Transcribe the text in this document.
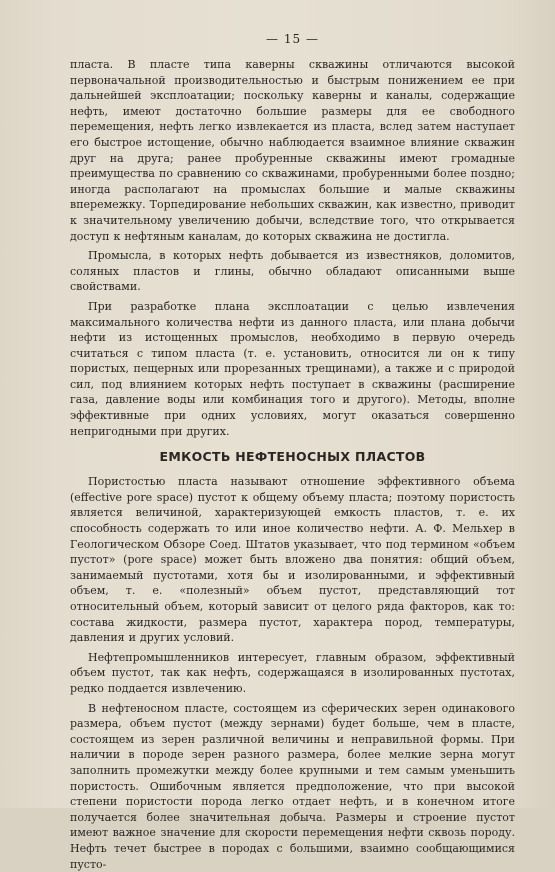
— 15 —

пласта. В пласте типа каверны скважины отличаются высокой первоначальной производительностью и быстрым понижением ее при дальнейшей эксплоатации; поскольку каверны и каналы, содержащие нефть, имеют достаточно большие размеры для ее свободного перемещения, нефть легко извлекается из пласта, вслед затем наступает его быстрое истощение, обычно наблюдается взаимное влияние скважин друг на друга; ранее пробуренные скважины имеют громадные преимущества по сравнению со скважинами, пробуренными более поздно; иногда располагают на промыслах большие и малые скважины вперемежку. Торпедирование небольших скважин, как известно, приводит к значительному увеличению добычи, вследствие того, что открывается доступ к нефтяным каналам, до которых скважина не достигла.

Промысла, в которых нефть добывается из известняков, доломитов, соляных пластов и глины, обычно обладают описанными выше свойствами.

При разработке плана эксплоатации с целью извлечения максимального количества нефти из данного пласта, или плана добычи нефти из истощенных промыслов, необходимо в первую очередь считаться с типом пласта (т. е. установить, относится ли он к типу пористых, пещерных или прорезанных трещинами), а также и с природой сил, под влиянием которых нефть поступает в скважины (расширение газа, давление воды или комбинация того и другого). Методы, вполне эффективные при одних условиях, могут оказаться совершенно непригодными при других.

ЕМКОСТЬ НЕФТЕНОСНЫХ ПЛАСТОВ

Пористостью пласта называют отношение эффективного объема (effective pore space) пустот к общему объему пласта; поэтому пористость является величиной, характеризующей емкость пластов, т. е. их способность содержать то или иное количество нефти. А. Ф. Мельхер в Геологическом Обзоре Соед. Штатов указывает, что под термином «объем пустот» (pore space) может быть вложено два понятия: общий объем, занимаемый пустотами, хотя бы и изолированными, и эффективный объем, т. е. «полезный» объем пустот, представляющий тот относительный объем, который зависит от целого ряда факторов, как то: состава жидкости, размера пустот, характера пород, температуры, давления и других условий.

Нефтепромышленников интересует, главным образом, эффективный объем пустот, так как нефть, содержащаяся в изолированных пустотах, редко поддается извлечению.

В нефтеносном пласте, состоящем из сферических зерен одинакового размера, объем пустот (между зернами) будет больше, чем в пласте, состоящем из зерен различной величины и неправильной формы. При наличии в породе зерен разного размера, более мелкие зерна могут заполнить промежутки между более крупными и тем самым уменьшить пористость. Ошибочным является предположение, что при высокой степени пористости порода легко отдает нефть, и в конечном итоге получается более значительная добыча. Размеры и строение пустот имеют важное значение для скорости перемещения нефти сквозь породу. Нефть течет быстрее в породах с большими, взаимно сообщающимися пусто-
